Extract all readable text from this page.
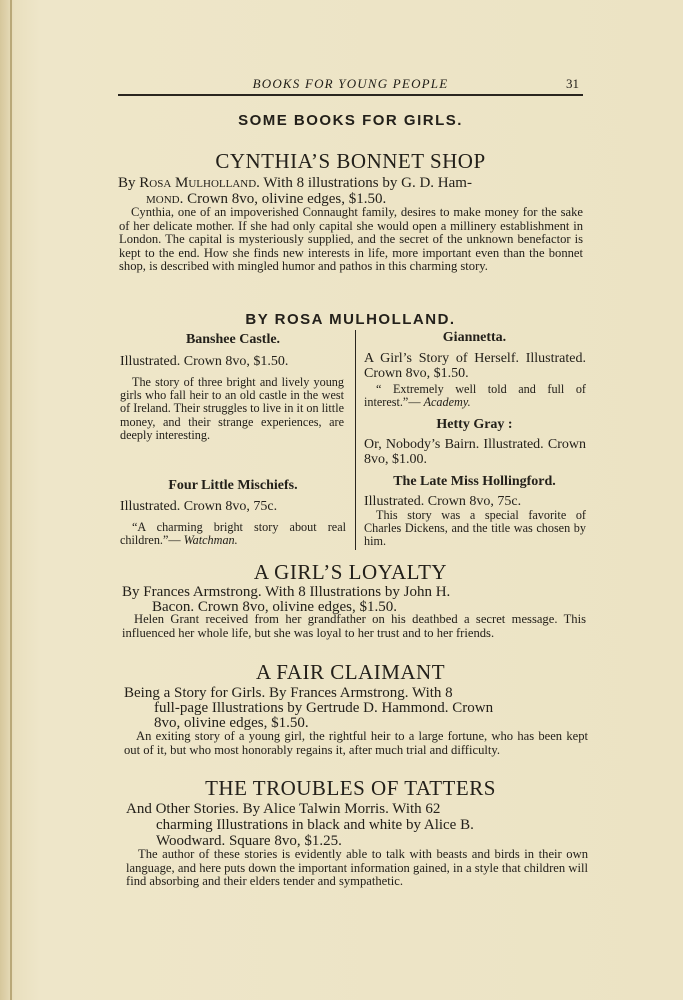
BOOKS FOR YOUNG PEOPLE	31
SOME BOOKS FOR GIRLS.
CYNTHIA’S BONNET SHOP
By Rosa Mulholland. With 8 illustrations by G. D. Ham-
mond. Crown 8vo, olivine edges, $1.50.
Cynthia, one of an impoverished Connaught family, desires to make money for the sake of her delicate mother. If she had only capital she would open a millinery establishment in London. The capital is mysteriously supplied, and the secret of the unknown benefactor is kept to the end. How she finds new interests in life, more important even than the bonnet shop, is described with mingled humor and pathos in this charming story.
BY ROSA MULHOLLAND.
Banshee Castle.
Illustrated. Crown 8vo, $1.50.
The story of three bright and lively young girls who fall heir to an old castle in the west of Ireland. Their struggles to live in it on little money, and their strange experiences, are deeply interesting.
Four Little Mischiefs.
Illustrated. Crown 8vo, 75c.
“A charming bright story about real children.”— Watchman.
Giannetta.
A Girl’s Story of Herself. Illustrated. Crown 8vo, $1.50.
“ Extremely well told and full of interest.”— Academy.
Hetty Gray :
Or, Nobody’s Bairn. Illustrated. Crown 8vo, $1.00.
The Late Miss Hollingford.
Illustrated. Crown 8vo, 75c.
This story was a special favorite of Charles Dickens, and the title was chosen by him.
A GIRL’S LOYALTY
By Frances Armstrong. With 8 Illustrations by John H.
Bacon. Crown 8vo, olivine edges, $1.50.
Helen Grant received from her grandfather on his deathbed a secret message. This influenced her whole life, but she was loyal to her trust and to her friends.
A FAIR CLAIMANT
Being a Story for Girls. By Frances Armstrong. With 8
full-page Illustrations by Gertrude D. Hammond. Crown
8vo, olivine edges, $1.50.
An exiting story of a young girl, the rightful heir to a large fortune, who has been kept out of it, but who most honorably regains it, after much trial and difficulty.
THE TROUBLES OF TATTERS
And Other Stories. By Alice Talwin Morris. With 62
charming Illustrations in black and white by Alice B.
Woodward. Square 8vo, $1.25.
The author of these stories is evidently able to talk with beasts and birds in their own language, and here puts down the important information gained, in a style that children will find absorbing and their elders tender and sympathetic.
